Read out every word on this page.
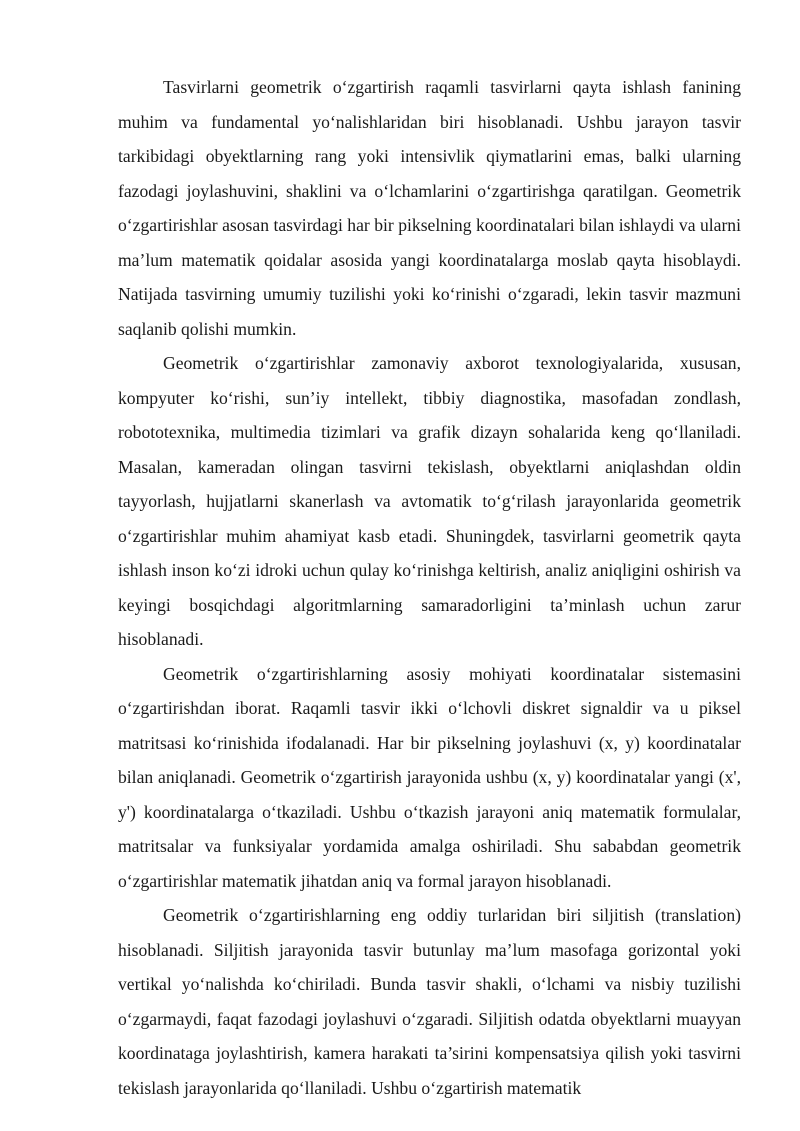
Tasvirlarni geometrik o‘zgartirish raqamli tasvirlarni qayta ishlash fanining muhim va fundamental yo‘nalishlaridan biri hisoblanadi. Ushbu jarayon tasvir tarkibidagi obyektlarning rang yoki intensivlik qiymatlarini emas, balki ularning fazodagi joylashuvini, shaklini va o‘lchamlarini o‘zgartirishga qaratilgan. Geometrik o‘zgartirishlar asosan tasvirdagi har bir pikselning koordinatalari bilan ishlaydi va ularni ma’lum matematik qoidalar asosida yangi koordinatalarga moslab qayta hisoblaydi. Natijada tasvirning umumiy tuzilishi yoki ko‘rinishi o‘zgaradi, lekin tasvir mazmuni saqlanib qolishi mumkin.

Geometrik o‘zgartirishlar zamonaviy axborot texnologiyalarida, xususan, kompyuter ko‘rishi, sun’iy intellekt, tibbiy diagnostika, masofadan zondlash, robototexnika, multimedia tizimlari va grafik dizayn sohalarida keng qo‘llaniladi. Masalan, kameradan olingan tasvirni tekislash, obyektlarni aniqlashdan oldin tayyorlash, hujjatlarni skanerlash va avtomatik to‘g‘rilash jarayonlarida geometrik o‘zgartirishlar muhim ahamiyat kasb etadi. Shuningdek, tasvirlarni geometrik qayta ishlash inson ko‘zi idroki uchun qulay ko‘rinishga keltirish, analiz aniqligini oshirish va keyingi bosqichdagi algoritmlarning samaradorligini ta’minlash uchun zarur hisoblanadi.

Geometrik o‘zgartirishlarning asosiy mohiyati koordinatalar sistemasini o‘zgartirishdan iborat. Raqamli tasvir ikki o‘lchovli diskret signaldir va u piksel matritsasi ko‘rinishida ifodalanadi. Har bir pikselning joylashuvi (x, y) koordinatalar bilan aniqlanadi. Geometrik o‘zgartirish jarayonida ushbu (x, y) koordinatalar yangi (x', y') koordinatalarga o‘tkaziladi. Ushbu o‘tkazish jarayoni aniq matematik formulalar, matritsalar va funksiyalar yordamida amalga oshiriladi. Shu sababdan geometrik o‘zgartirishlar matematik jihatdan aniq va formal jarayon hisoblanadi.

Geometrik o‘zgartirishlarning eng oddiy turlaridan biri siljitish (translation) hisoblanadi. Siljitish jarayonida tasvir butunlay ma’lum masofaga gorizontal yoki vertikal yo‘nalishda ko‘chiriladi. Bunda tasvir shakli, o‘lchami va nisbiy tuzilishi o‘zgarmaydi, faqat fazodagi joylashuvi o‘zgaradi. Siljitish odatda obyektlarni muayyan koordinataga joylashtirish, kamera harakati ta’sirini kompensatsiya qilish yoki tasvirni tekislash jarayonlarida qo‘llaniladi. Ushbu o‘zgartirish matematik
